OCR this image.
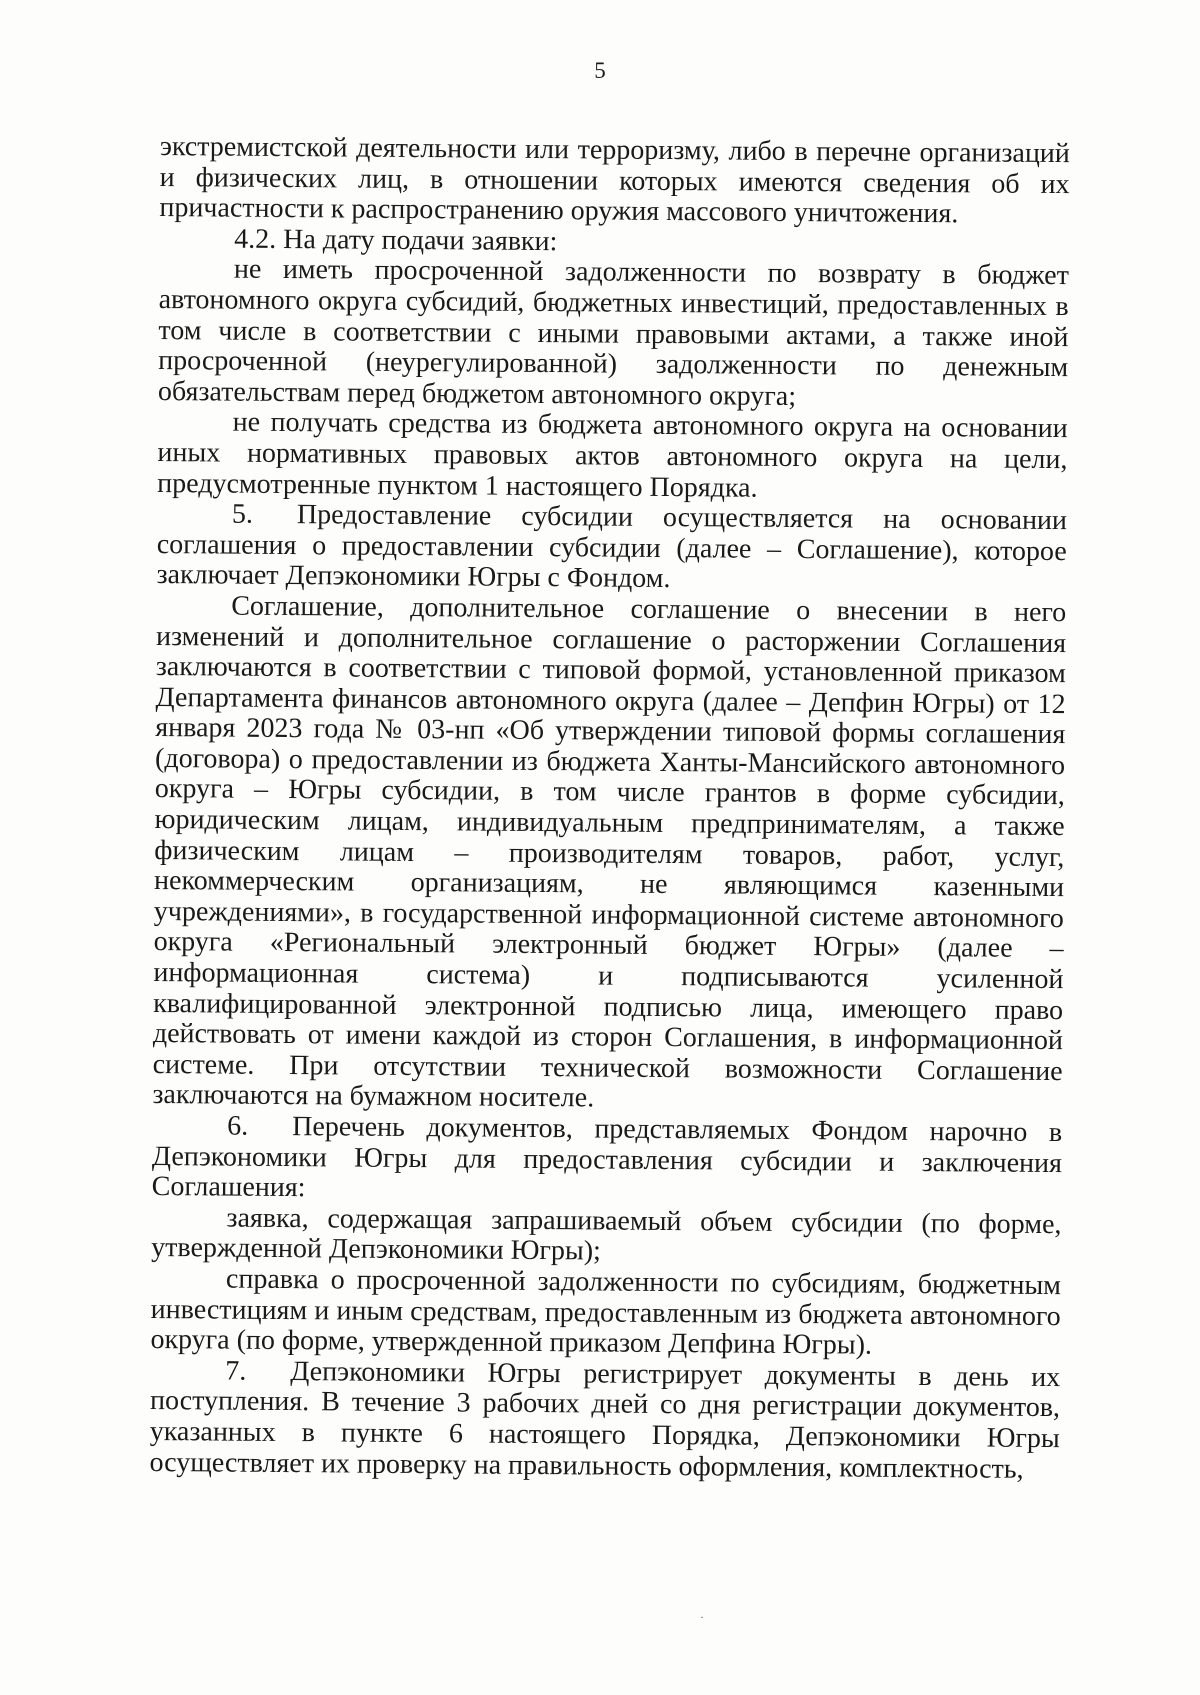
5

экстремистской деятельности или терроризму, либо в перечне организаций и физических лиц, в отношении которых имеются сведения об их причастности к распространению оружия массового уничтожения.

4.2. На дату подачи заявки:

не иметь просроченной задолженности по возврату в бюджет автономного округа субсидий, бюджетных инвестиций, предоставленных в том числе в соответствии с иными правовыми актами, а также иной просроченной (неурегулированной) задолженности по денежным обязательствам перед бюджетом автономного округа;

не получать средства из бюджета автономного округа на основании иных нормативных правовых актов автономного округа на цели, предусмотренные пунктом 1 настоящего Порядка.

5. Предоставление субсидии осуществляется на основании соглашения о предоставлении субсидии (далее – Соглашение), которое заключает Депэкономики Югры с Фондом.

Соглашение, дополнительное соглашение о внесении в него изменений и дополнительное соглашение о расторжении Соглашения заключаются в соответствии с типовой формой, установленной приказом Департамента финансов автономного округа (далее – Депфин Югры) от 12 января 2023 года № 03-нп «Об утверждении типовой формы соглашения (договора) о предоставлении из бюджета Ханты-Мансийского автономного округа – Югры субсидии, в том числе грантов в форме субсидии, юридическим лицам, индивидуальным предпринимателям, а также физическим лицам – производителям товаров, работ, услуг, некоммерческим организациям, не являющимся казенными учреждениями», в государственной информационной системе автономного округа «Региональный электронный бюджет Югры» (далее – информационная система) и подписываются усиленной квалифицированной электронной подписью лица, имеющего право действовать от имени каждой из сторон Соглашения, в информационной системе. При отсутствии технической возможности Соглашение заключаются на бумажном носителе.

6. Перечень документов, представляемых Фондом нарочно в Депэкономики Югры для предоставления субсидии и заключения Соглашения:

заявка, содержащая запрашиваемый объем субсидии (по форме, утвержденной Депэкономики Югры);

справка о просроченной задолженности по субсидиям, бюджетным инвестициям и иным средствам, предоставленным из бюджета автономного округа (по форме, утвержденной приказом Депфина Югры).

7. Депэкономики Югры регистрирует документы в день их поступления. В течение 3 рабочих дней со дня регистрации документов, указанных в пункте 6 настоящего Порядка, Депэкономики Югры осуществляет их проверку на правильность оформления, комплектность,

·
